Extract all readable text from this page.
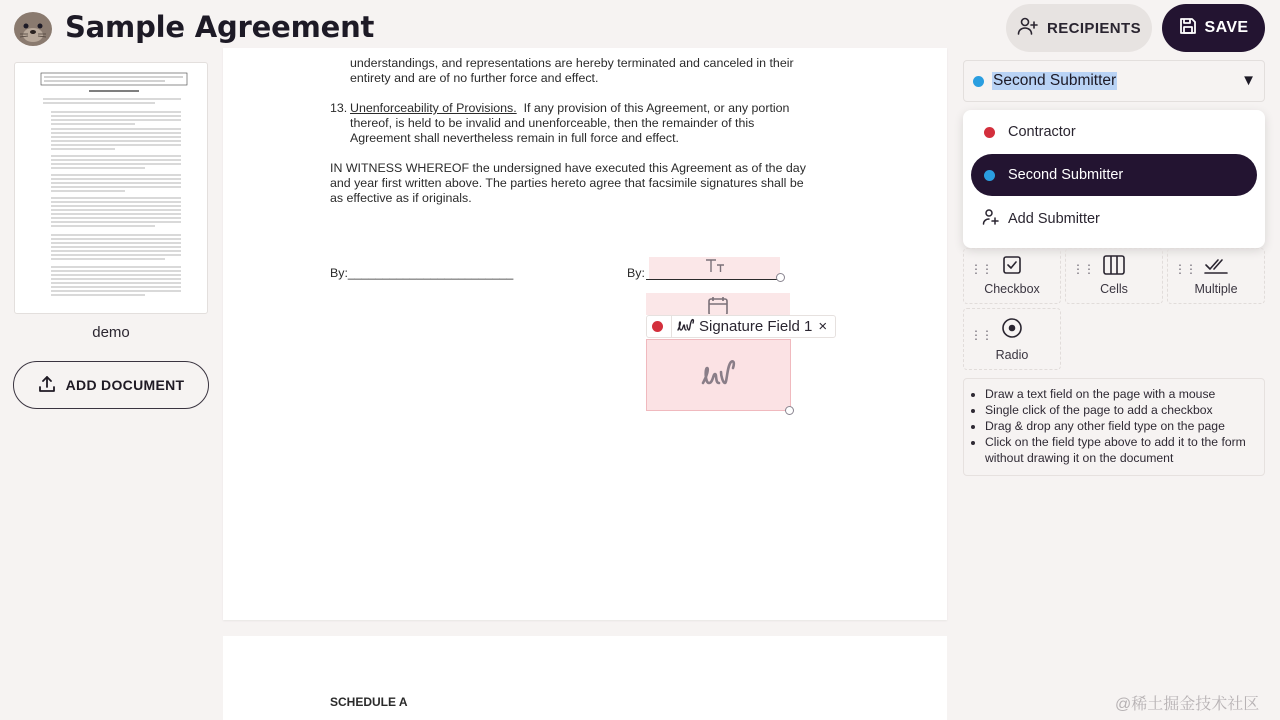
Sample Agreement	RECIPIENTS	SAVE
demo
ADD DOCUMENT
understandings, and representations are hereby terminated and canceled in their
entirety and are of no further force and effect.
13. Unenforceability of Provisions. If any provision of this Agreement, or any portion
thereof, is held to be invalid and unenforceable, then the remainder of this
Agreement shall nevertheless remain in full force and effect.
IN WITNESS WHEREOF the undersigned have executed this Agreement as of the day
and year first written above. The parties hereto agree that facsimile signatures shall be
as effective as if originals.
By:________________________	By:
Signature Field 1 ×
SCHEDULE A
Second Submitter	▼
Contractor
Second Submitter
Add Submitter
⋮⋮
Checkbox
⋮⋮
Cells
⋮⋮
Multiple
⋮⋮
Radio
• Draw a text field on the page with a mouse
• Single click of the page to add a checkbox
• Drag & drop any other field type on the page
• Click on the field type above to add it to the form without drawing it on the document
@稀土掘金技术社区
